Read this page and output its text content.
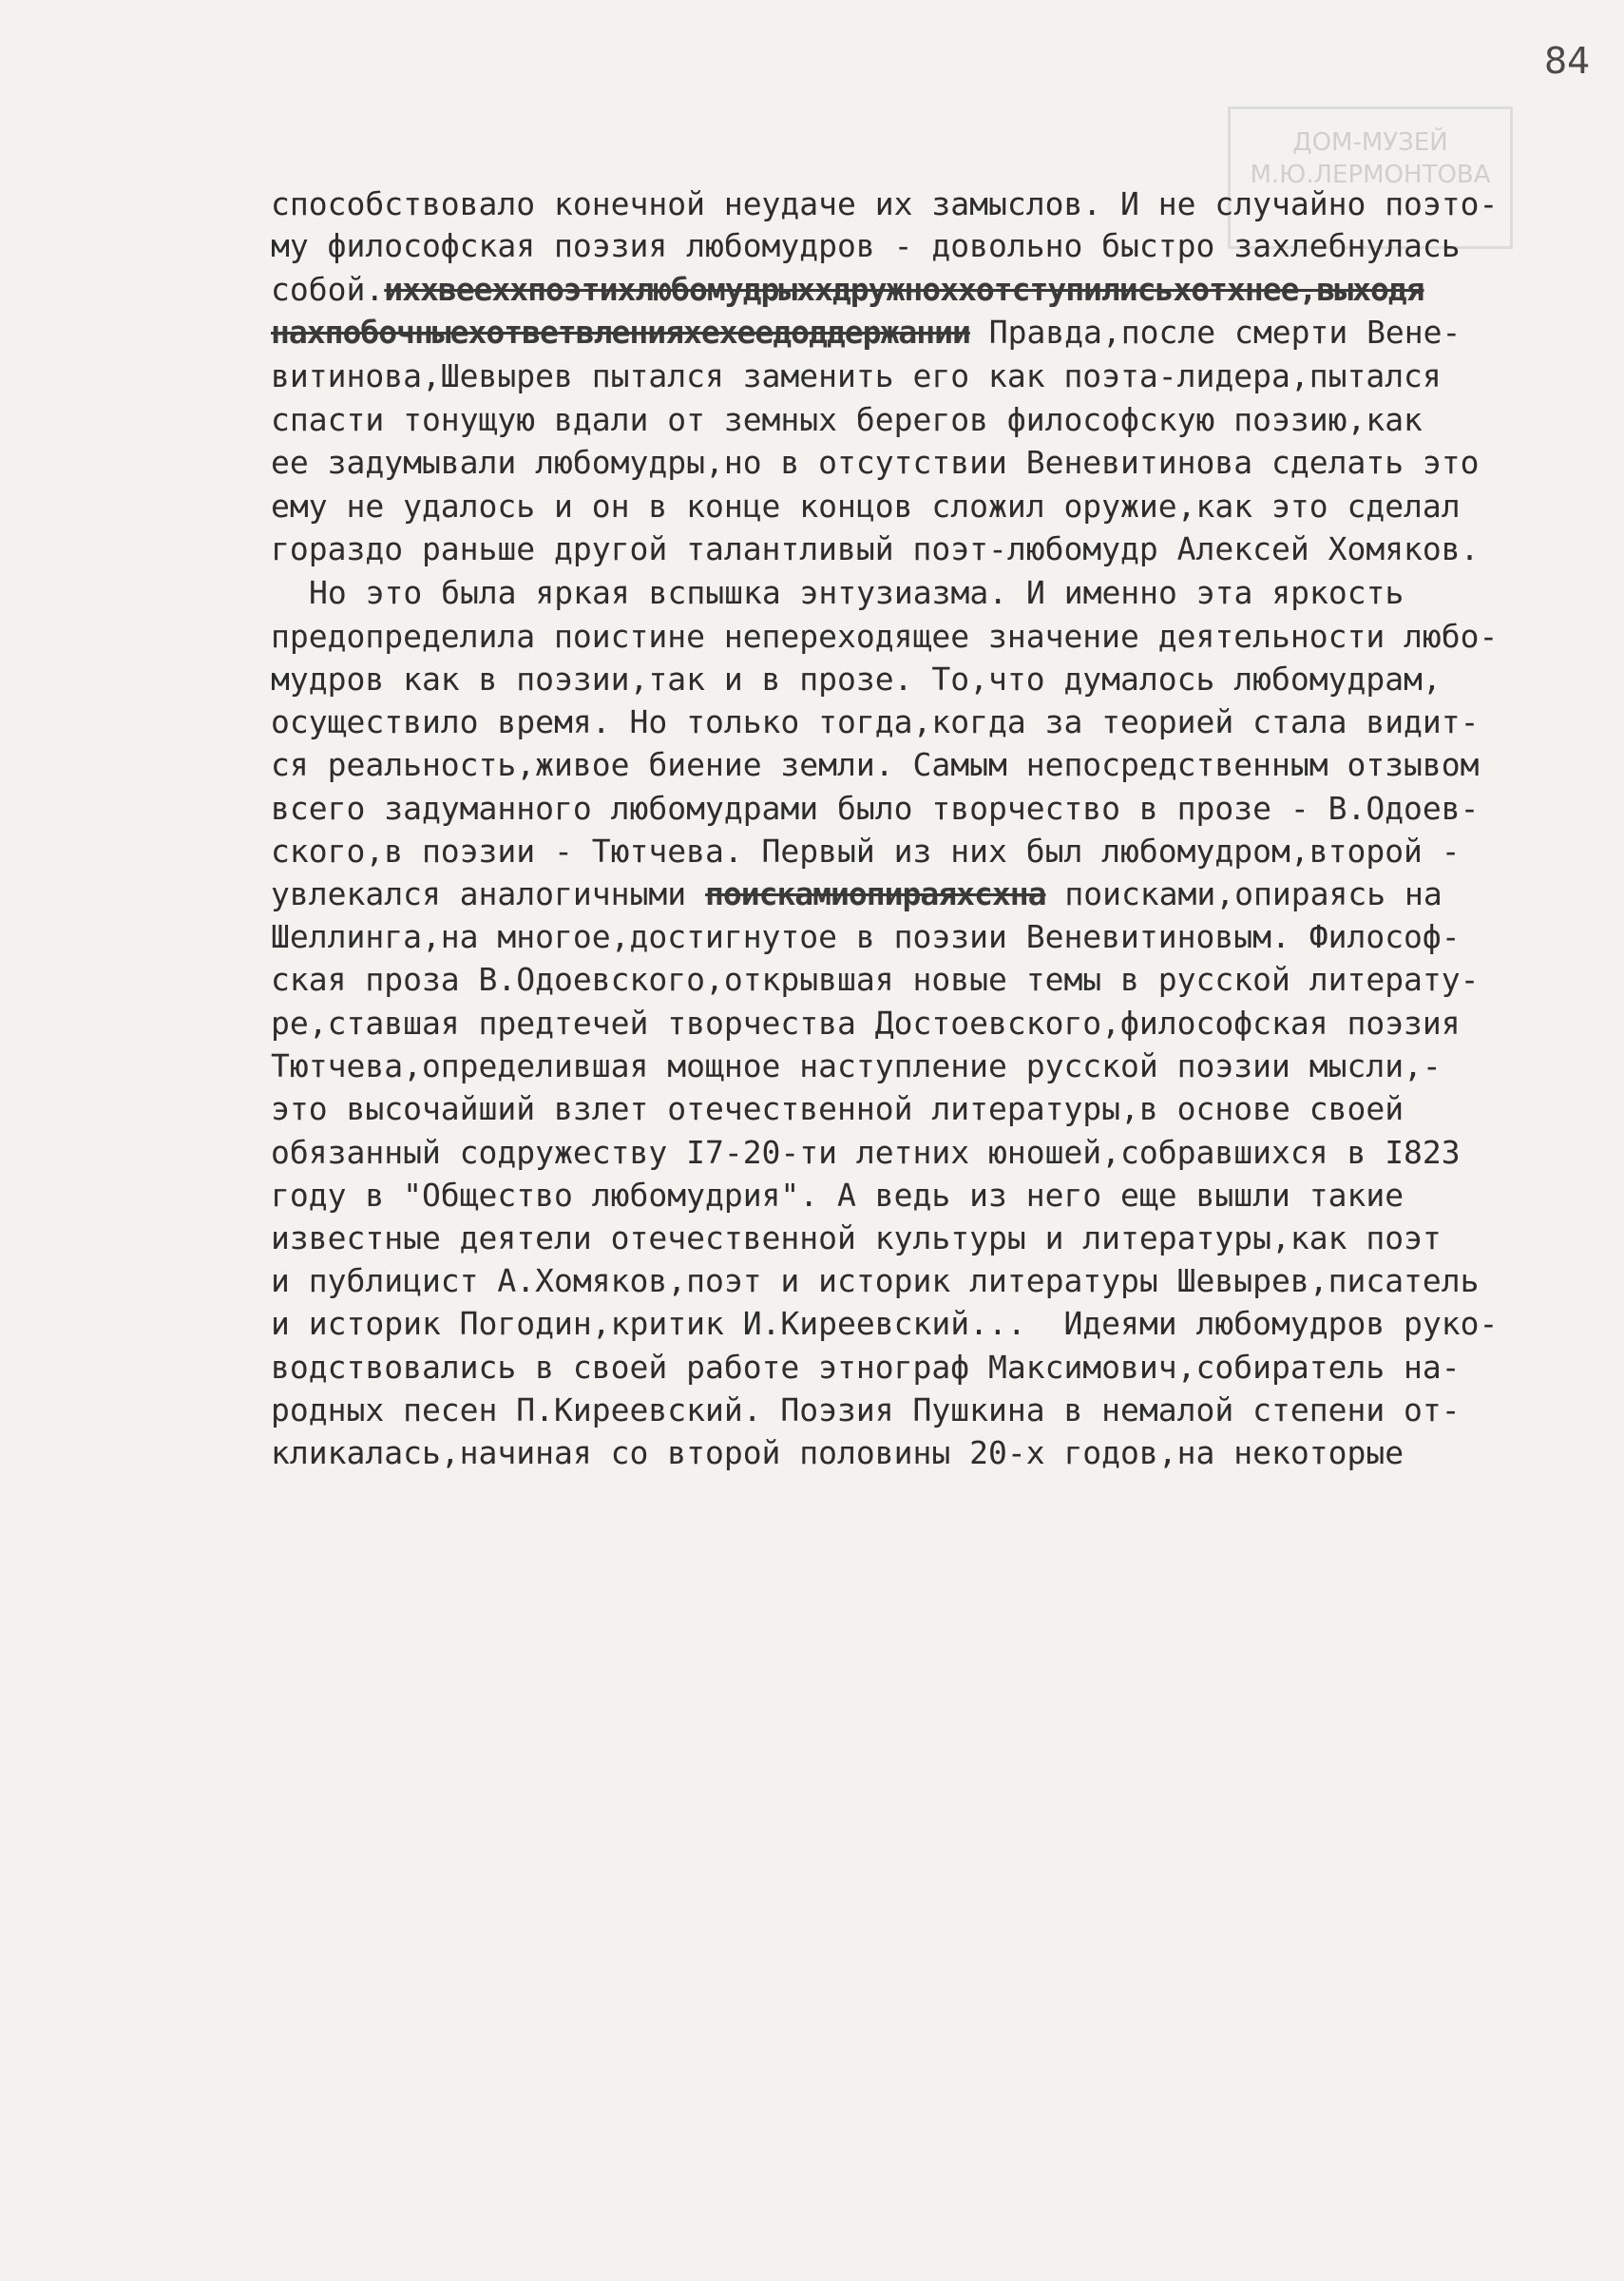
84
ДОМ-МУЗЕЙ
М.Ю.ЛЕРМОНТОВА
способствовало конечной неудаче их замыслов. И не случайно поэто-
му философская поэзия любомудров - довольно быстро захлебнулась
собой.ихxвеехxпоэтиxлюбомудрыxxдружноxxотступилисьxотxнее,выходя
наxпобочныеxответвленияxеxеедоддержании Правда,после смерти Вене-
витинова,Шевырев пытался заменить его как поэта-лидера,пытался
спасти тонущую вдали от земных берегов философскую поэзию,как
ее задумывали любомудры,но в отсутствии Веневитинова сделать это
ему не удалось и он в конце концов сложил оружие,как это сделал
гораздо раньше другой талантливый поэт-любомудр Алексей Хомяков.
Но это была яркая вспышка энтузиазма. И именно эта яркость
предопределила поистине непереходящее значение деятельности любо-
мудров как в поэзии,так и в прозе. То,что думалось любомудрам,
осуществило время. Но только тогда,когда за теорией стала видит-
ся реальность,живое биение земли. Самым непосредственным отзывом
всего задуманного любомудрами было творчество в прозе - В.Одоев-
ского,в поэзии - Тютчева. Первый из них был любомудром,второй -
увлекался аналогичными поискамиопираяхсхна поисками,опираясь на
Шеллинга,на многое,достигнутое в поэзии Веневитиновым. Философ-
ская проза В.Одоевского,открывшая новые темы в русской литерату-
ре,ставшая предтечей творчества Достоевского,философская поэзия
Тютчева,определившая мощное наступление русской поэзии мысли,-
это высочайший взлет отечественной литературы,в основе своей
обязанный содружеству I7-20-ти летних юношей,собравшихся в I823
году в "Общество любомудрия". А ведь из него еще вышли такие
известные деятели отечественной культуры и литературы,как поэт
и публицист А.Хомяков,поэт и историк литературы Шевырев,писатель
и историк Погодин,критик И.Киреевский...  Идеями любомудров руко-
водствовались в своей работе этнограф Максимович,собиратель на-
родных песен П.Киреевский. Поэзия Пушкина в немалой степени от-
кликалась,начиная со второй половины 20-х годов,на некоторые
